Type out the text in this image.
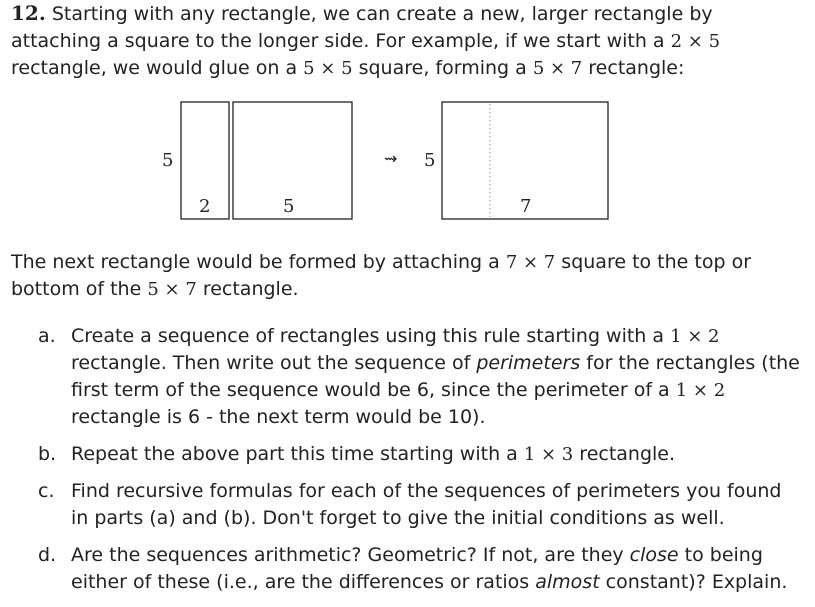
12. Starting with any rectangle, we can create a new, larger rectangle by attaching a square to the longer side. For example, if we start with a 2 × 5 rectangle, we would glue on a 5 × 5 square, forming a 5 × 7 rectangle:

5
2	5
⇝ 5
7

The next rectangle would be formed by attaching a 7 × 7 square to the top or bottom of the 5 × 7 rectangle.

a. Create a sequence of rectangles using this rule starting with a 1 × 2 rectangle. Then write out the sequence of perimeters for the rectangles (the first term of the sequence would be 6, since the perimeter of a 1 × 2 rectangle is 6 - the next term would be 10).
b. Repeat the above part this time starting with a 1 × 3 rectangle.
c. Find recursive formulas for each of the sequences of perimeters you found in parts (a) and (b). Don't forget to give the initial conditions as well.
d. Are the sequences arithmetic? Geometric? If not, are they close to being either of these (i.e., are the differences or ratios almost constant)? Explain.
